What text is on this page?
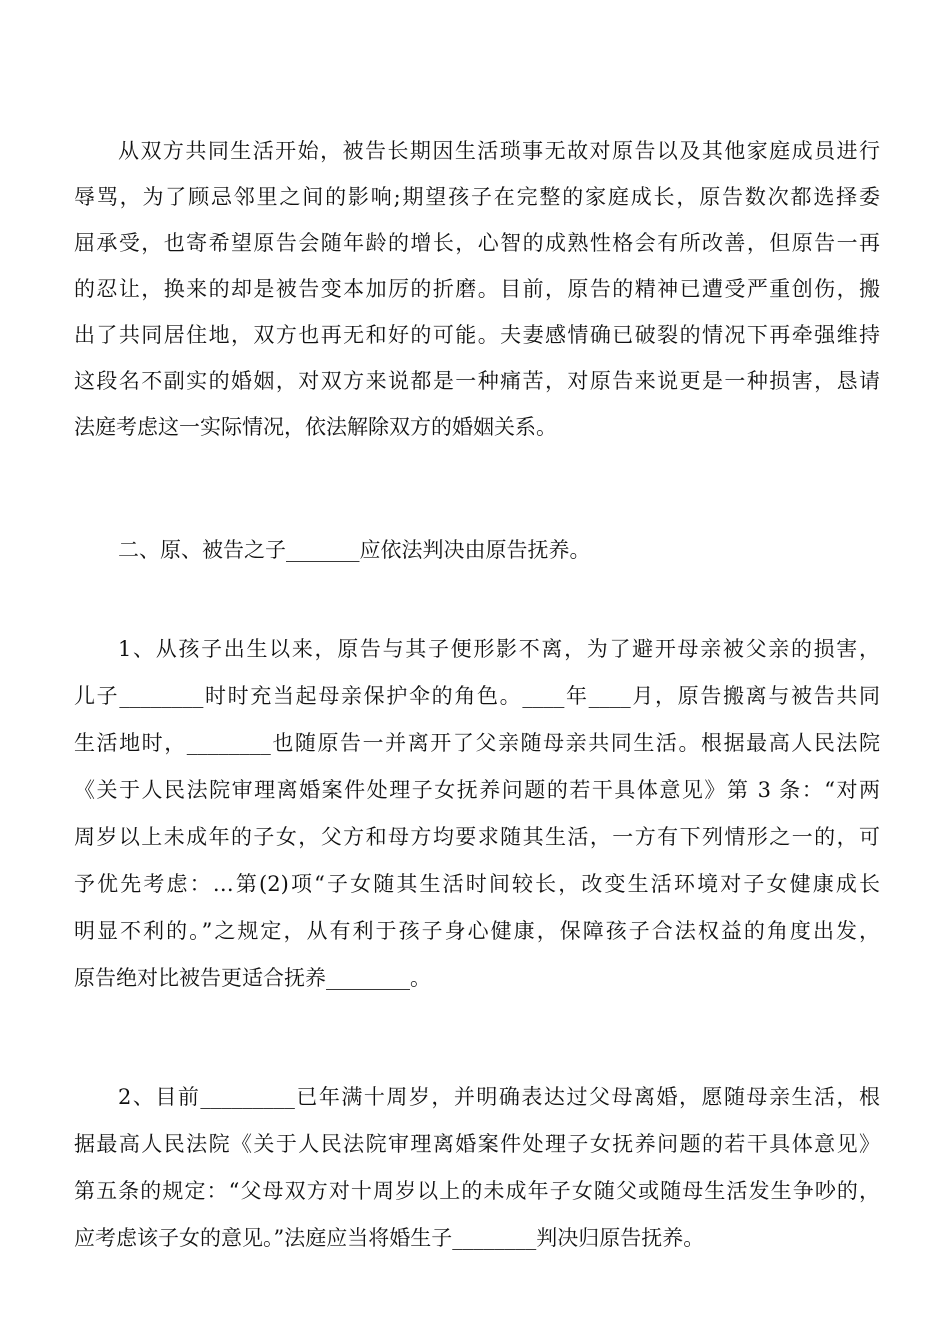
从双方共同生活开始，被告长期因生活琐事无故对原告以及其他家庭成员进行
辱骂，为了顾忌邻里之间的影响;期望孩子在完整的家庭成长，原告数次都选择委
屈承受，也寄希望原告会随年龄的增长，心智的成熟性格会有所改善，但原告一再
的忍让，换来的却是被告变本加厉的折磨。目前，原告的精神已遭受严重创伤，搬
出了共同居住地，双方也再无和好的可能。夫妻感情确已破裂的情况下再牵强维持
这段名不副实的婚姻，对双方来说都是一种痛苦，对原告来说更是一种损害，恳请
法庭考虑这一实际情况，依法解除双方的婚姻关系。
二、原、被告之子_______应依法判决由原告抚养。
1、从孩子出生以来，原告与其子便形影不离，为了避开母亲被父亲的损害，
儿子________时时充当起母亲保护伞的角色。____年____月，原告搬离与被告共同
生活地时，________也随原告一并离开了父亲随母亲共同生活。根据最高人民法院
《关于人民法院审理离婚案件处理子女抚养问题的若干具体意见》第 3 条：“对两
周岁以上未成年的子女，父方和母方均要求随其生活，一方有下列情形之一的，可
予优先考虑：…第(2)项“子女随其生活时间较长，改变生活环境对子女健康成长
明显不利的。”之规定，从有利于孩子身心健康，保障孩子合法权益的角度出发，
原告绝对比被告更适合抚养________。
2、目前_________已年满十周岁，并明确表达过父母离婚，愿随母亲生活，根
据最高人民法院《关于人民法院审理离婚案件处理子女抚养问题的若干具体意见》
第五条的规定：“父母双方对十周岁以上的未成年子女随父或随母生活发生争吵的，
应考虑该子女的意见。”法庭应当将婚生子________判决归原告抚养。
